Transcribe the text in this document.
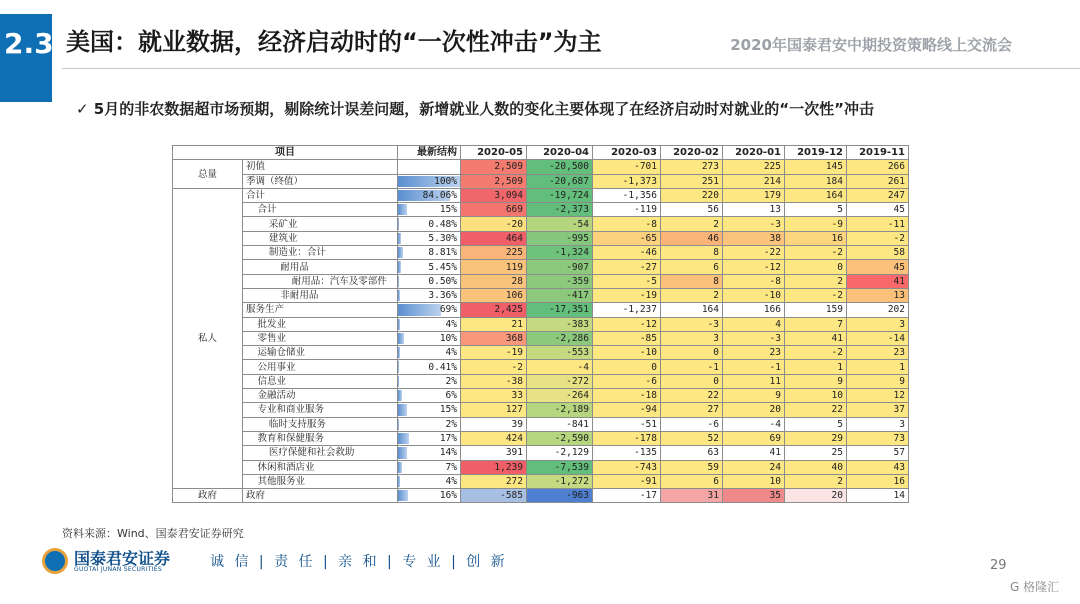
2.3 美国：就业数据，经济启动时的“一次性冲击”为主	2020年国泰君安中期投资策略线上交流会
✓ 5月的非农数据超市场预期，剔除统计误差问题，新增就业人数的变化主要体现了在经济启动时对就业的“一次性”冲击
项目		最新结构	2020-05	2020-04	2020-03	2020-02	2020-01	2019-12	2019-11
总量	初值		2,509	-20,500	-701	273	225	145	266
	季调（终值）	100%	2,509	-20,687	-1,373	251	214	184	261
私人	合计	84.06%	3,094	-19,724	-1,356	220	179	164	247
	合计	15%	669	-2,373	-119	56	13	5	45
	采矿业	0.48%	-20	-54	-8	2	-3	-9	-11
	建筑业	5.30%	464	-995	-65	46	38	16	-2
	制造业：合计	8.81%	225	-1,324	-46	8	-22	-2	58
	耐用品	5.45%	119	-907	-27	6	-12	0	45
	耐用品：汽车及零部件	0.50%	28	-359	-5	8	-8	2	41
	非耐用品	3.36%	106	-417	-19	2	-10	-2	13
	服务生产	69%	2,425	-17,351	-1,237	164	166	159	202
	批发业	4%	21	-383	-12	-3	4	7	3
	零售业	10%	368	-2,286	-85	3	-3	41	-14
	运输仓储业	4%	-19	-553	-10	0	23	-2	23
	公用事业	0.41%	-2	-4	0	-1	-1	1	1
	信息业	2%	-38	-272	-6	0	11	9	9
	金融活动	6%	33	-264	-18	22	9	10	12
	专业和商业服务	15%	127	-2,189	-94	27	20	22	37
	临时支持服务	2%	39	-841	-51	-6	-4	5	3
	教育和保健服务	17%	424	-2,590	-178	52	69	29	73
	医疗保健和社会救助	14%	391	-2,129	-135	63	41	25	57
	休闲和酒店业	7%	1,239	-7,539	-743	59	24	40	43
	其他服务业	4%	272	-1,272	-91	6	10	2	16
政府	政府	16%	-585	-963	-17	31	35	20	14
资料来源：Wind、国泰君安证券研究
国泰君安证券
GUOTAI JUNAN SECURITIES	诚 信 | 责 任 | 亲 和 | 专 业 | 创 新	29
G 格隆汇
